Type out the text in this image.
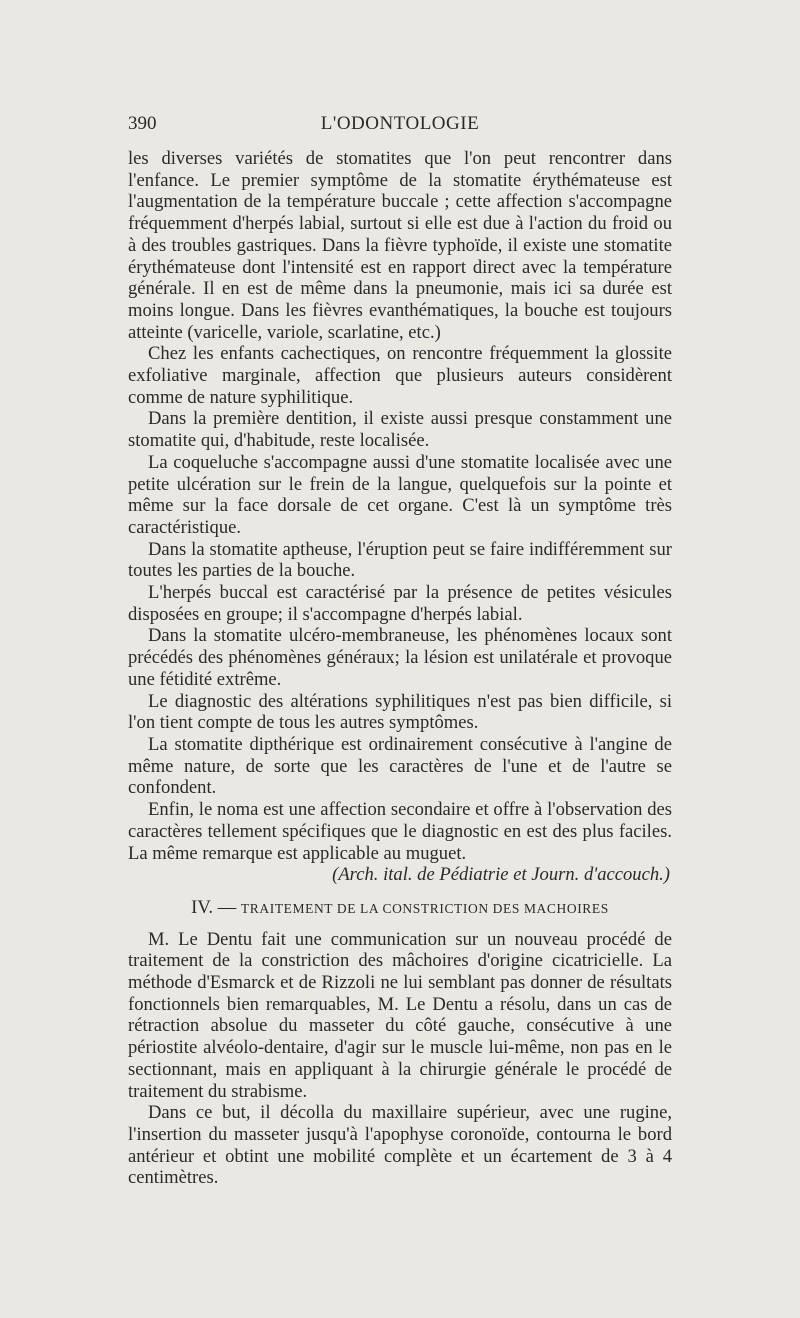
390	L'ODONTOLOGIE

les diverses variétés de stomatites que l'on peut rencontrer dans l'enfance. Le premier symptôme de la stomatite érythémateuse est l'augmentation de la température buccale ; cette affection s'accompagne fréquemment d'herpés labial, surtout si elle est due à l'action du froid ou à des troubles gastriques. Dans la fièvre typhoïde, il existe une stomatite érythémateuse dont l'intensité est en rapport direct avec la température générale. Il en est de même dans la pneumonie, mais ici sa durée est moins longue. Dans les fièvres evanthématiques, la bouche est toujours atteinte (varicelle, variole, scarlatine, etc.)

Chez les enfants cachectiques, on rencontre fréquemment la glossite exfoliative marginale, affection que plusieurs auteurs considèrent comme de nature syphilitique.

Dans la première dentition, il existe aussi presque constamment une stomatite qui, d'habitude, reste localisée.

La coqueluche s'accompagne aussi d'une stomatite localisée avec une petite ulcération sur le frein de la langue, quelquefois sur la pointe et même sur la face dorsale de cet organe. C'est là un symptôme très caractéristique.

Dans la stomatite aptheuse, l'éruption peut se faire indifféremment sur toutes les parties de la bouche.

L'herpés buccal est caractérisé par la présence de petites vésicules disposées en groupe; il s'accompagne d'herpés labial.

Dans la stomatite ulcéro-membraneuse, les phénomènes locaux sont précédés des phénomènes généraux; la lésion est unilatérale et provoque une fétidité extrême.

Le diagnostic des altérations syphilitiques n'est pas bien difficile, si l'on tient compte de tous les autres symptômes.

La stomatite dipthérique est ordinairement consécutive à l'angine de même nature, de sorte que les caractères de l'une et de l'autre se confondent.

Enfin, le noma est une affection secondaire et offre à l'observation des caractères tellement spécifiques que le diagnostic en est des plus faciles. La même remarque est applicable au muguet.

(Arch. ital. de Pédiatrie et Journ. d'accouch.)
IV. — TRAITEMENT DE LA CONSTRICTION DES MACHOIRES

M. Le Dentu fait une communication sur un nouveau procédé de traitement de la constriction des mâchoires d'origine cicatricielle. La méthode d'Esmarck et de Rizzoli ne lui semblant pas donner de résultats fonctionnels bien remarquables, M. Le Dentu a résolu, dans un cas de rétraction absolue du masseter du côté gauche, consécutive à une périostite alvéolo-dentaire, d'agir sur le muscle lui-même, non pas en le sectionnant, mais en appliquant à la chirurgie générale le procédé de traitement du strabisme.

Dans ce but, il décolla du maxillaire supérieur, avec une rugine, l'insertion du masseter jusqu'à l'apophyse coronoïde, contourna le bord antérieur et obtint une mobilité complète et un écartement de 3 à 4 centimètres.
